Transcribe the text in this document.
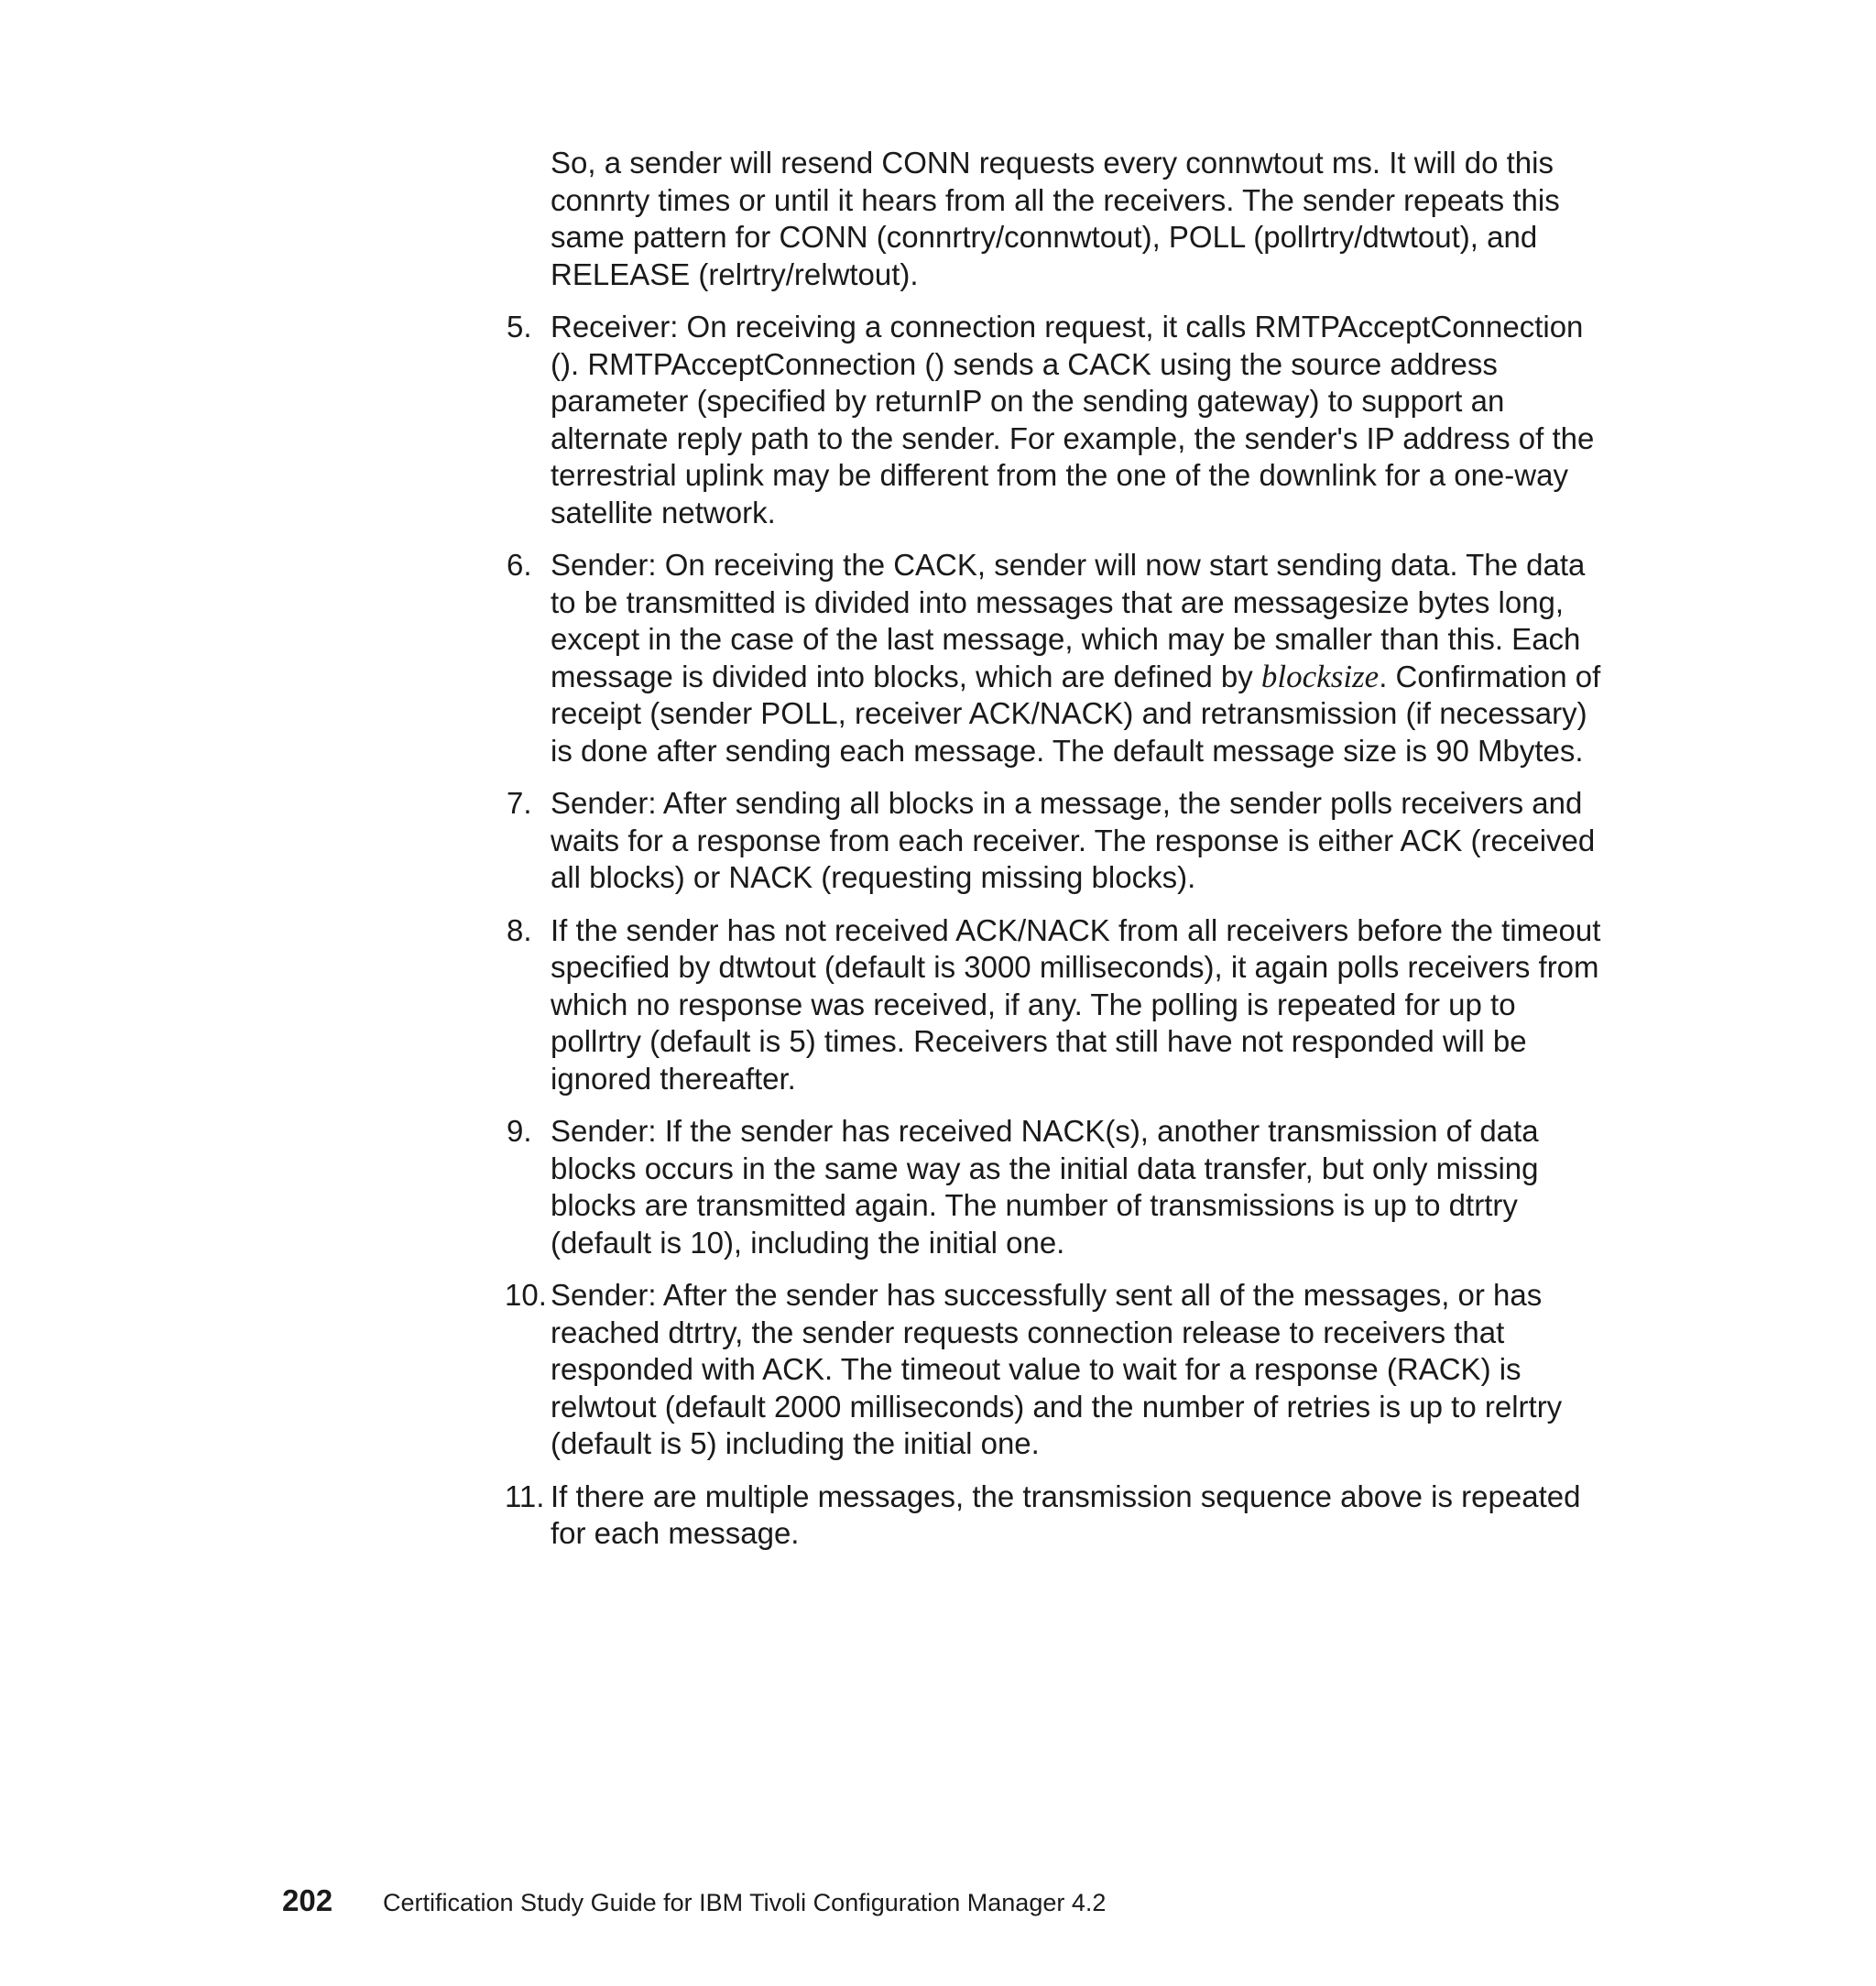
So, a sender will resend CONN requests every connwtout ms. It will do this connrty times or until it hears from all the receivers. The sender repeats this same pattern for CONN (connrtry/connwtout), POLL (pollrtry/dtwtout), and RELEASE (relrtry/relwtout).

5. Receiver: On receiving a connection request, it calls RMTPAcceptConnection (). RMTPAcceptConnection () sends a CACK using the source address parameter (specified by returnIP on the sending gateway) to support an alternate reply path to the sender. For example, the sender's IP address of the terrestrial uplink may be different from the one of the downlink for a one-way satellite network.
6. Sender: On receiving the CACK, sender will now start sending data. The data to be transmitted is divided into messages that are messagesize bytes long, except in the case of the last message, which may be smaller than this. Each message is divided into blocks, which are defined by blocksize. Confirmation of receipt (sender POLL, receiver ACK/NACK) and retransmission (if necessary) is done after sending each message. The default message size is 90 Mbytes.
7. Sender: After sending all blocks in a message, the sender polls receivers and waits for a response from each receiver. The response is either ACK (received all blocks) or NACK (requesting missing blocks).
8. If the sender has not received ACK/NACK from all receivers before the timeout specified by dtwtout (default is 3000 milliseconds), it again polls receivers from which no response was received, if any. The polling is repeated for up to pollrtry (default is 5) times. Receivers that still have not responded will be ignored thereafter.
9. Sender: If the sender has received NACK(s), another transmission of data blocks occurs in the same way as the initial data transfer, but only missing blocks are transmitted again. The number of transmissions is up to dtrtry (default is 10), including the initial one.
10. Sender: After the sender has successfully sent all of the messages, or has reached dtrtry, the sender requests connection release to receivers that responded with ACK. The timeout value to wait for a response (RACK) is relwtout (default 2000 milliseconds) and the number of retries is up to relrtry (default is 5) including the initial one.
11. If there are multiple messages, the transmission sequence above is repeated for each message.
202	Certification Study Guide for IBM Tivoli Configuration Manager 4.2
